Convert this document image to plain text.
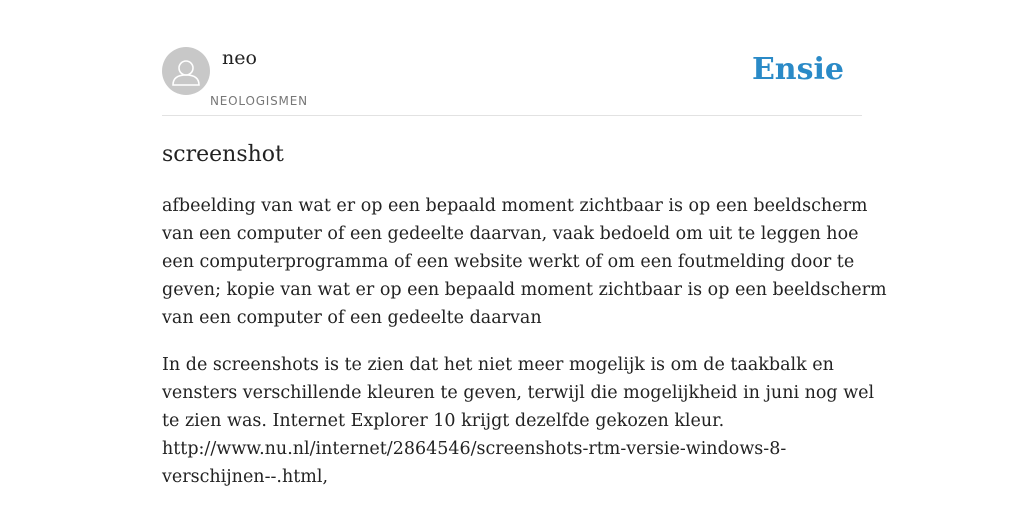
neo
NEOLOGISMEN
Ensie
screenshot
afbeelding van wat er op een bepaald moment zichtbaar is op een beeldscherm
van een computer of een gedeelte daarvan, vaak bedoeld om uit te leggen hoe
een computerprogramma of een website werkt of om een foutmelding door te
geven; kopie van wat er op een bepaald moment zichtbaar is op een beeldscherm
van een computer of een gedeelte daarvan
In de screenshots is te zien dat het niet meer mogelijk is om de taakbalk en
vensters verschillende kleuren te geven, terwijl die mogelijkheid in juni nog wel
te zien was. Internet Explorer 10 krijgt dezelfde gekozen kleur.
http://www.nu.nl/internet/2864546/screenshots-rtm-versie-windows-8-
verschijnen--.html,
